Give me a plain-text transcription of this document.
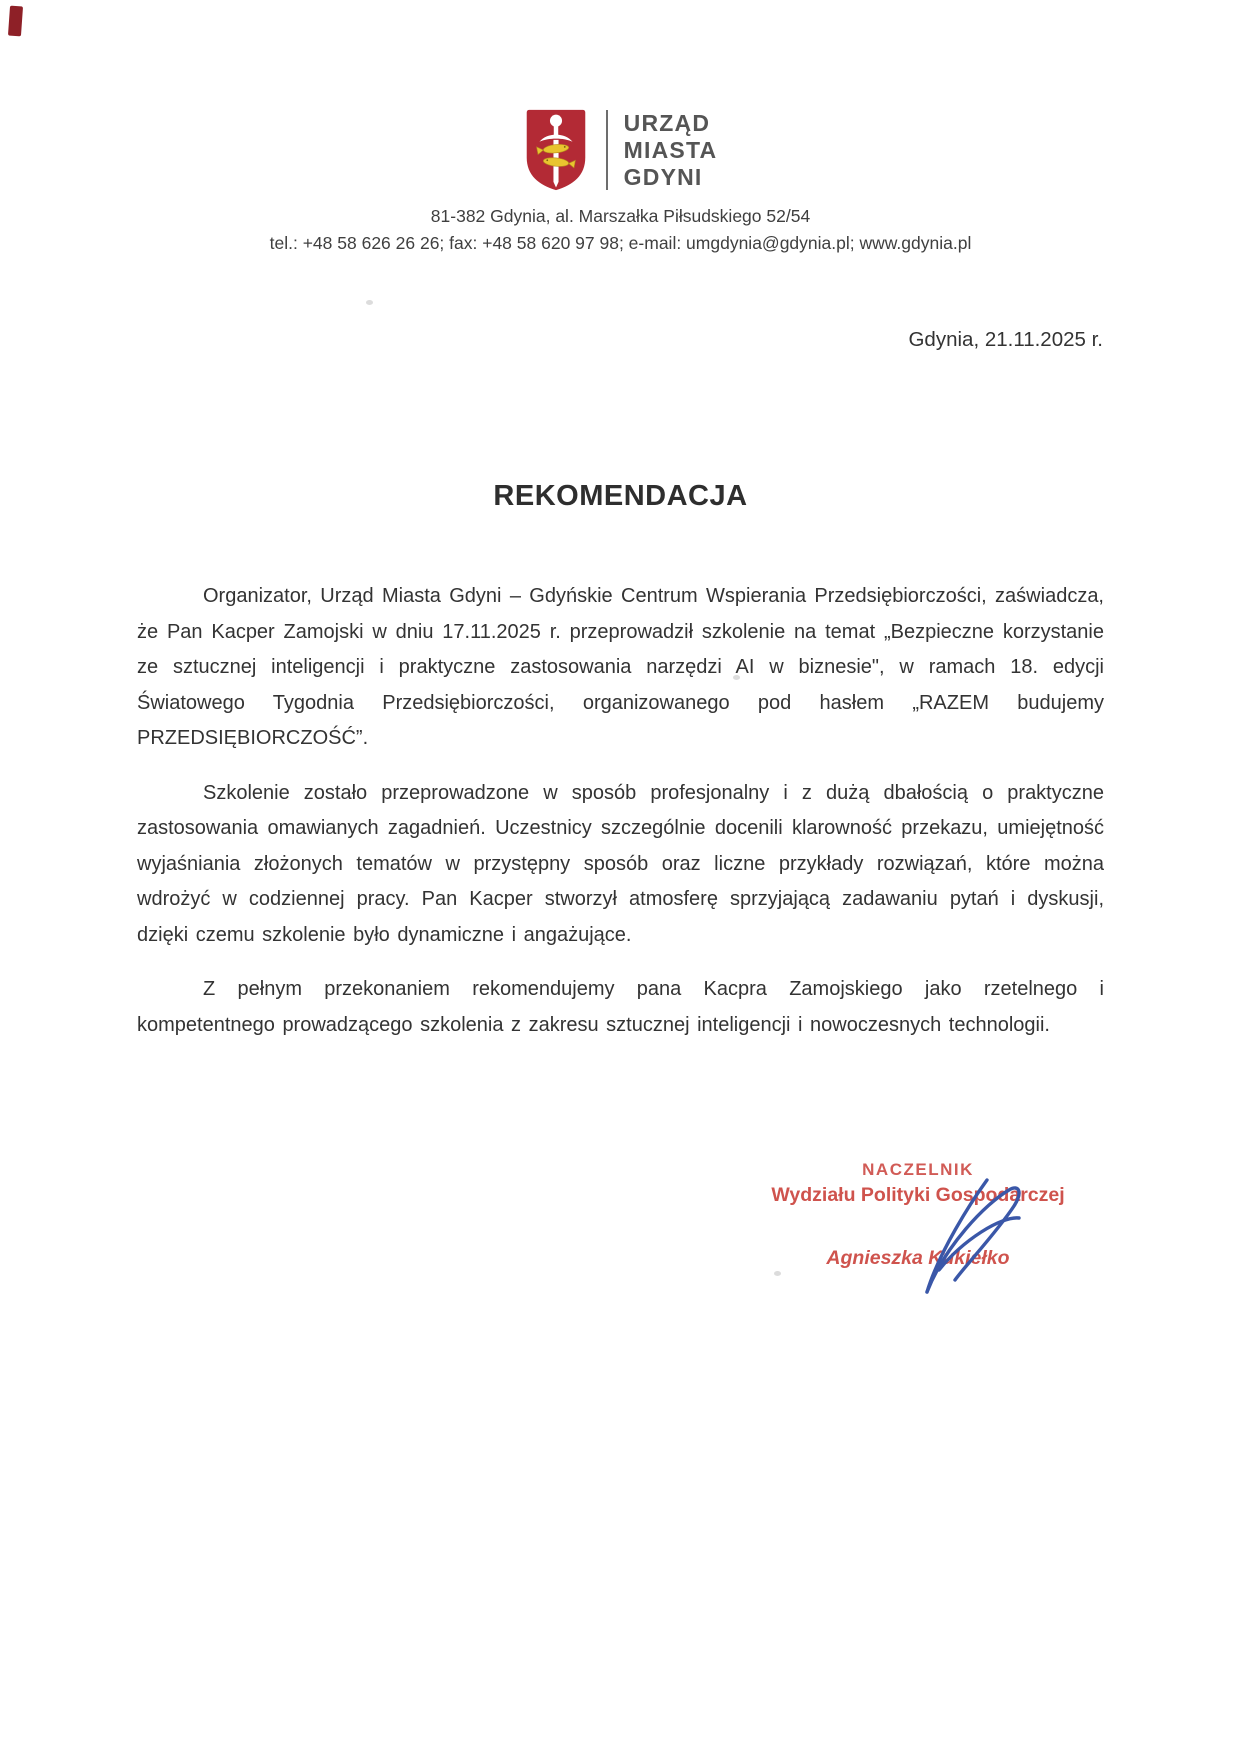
URZĄD
MIASTA
GDYNI

81-382 Gdynia, al. Marszałka Piłsudskiego 52/54

tel.: +48 58 626 26 26; fax: +48 58 620 97 98; e-mail: umgdynia@gdynia.pl; www.gdynia.pl

Gdynia, 21.11.2025 r.

REKOMENDACJA

Organizator, Urząd Miasta Gdyni – Gdyńskie Centrum Wspierania Przedsiębiorczości, zaświadcza, że Pan Kacper Zamojski w dniu 17.11.2025 r. przeprowadził szkolenie na temat „Bezpieczne korzystanie ze sztucznej inteligencji i praktyczne zastosowania narzędzi AI w biznesie", w ramach 18. edycji Światowego Tygodnia Przedsiębiorczości, organizowanego pod hasłem „RAZEM budujemy PRZEDSIĘBIORCZOŚĆ”.

Szkolenie zostało przeprowadzone w sposób profesjonalny i z dużą dbałością o praktyczne zastosowania omawianych zagadnień. Uczestnicy szczególnie docenili klarowność przekazu, umiejętność wyjaśniania złożonych tematów w przystępny sposób oraz liczne przykłady rozwiązań, które można wdrożyć w codziennej pracy. Pan Kacper stworzył atmosferę sprzyjającą zadawaniu pytań i dyskusji, dzięki czemu szkolenie było dynamiczne i angażujące.

Z pełnym przekonaniem rekomendujemy pana Kacpra Zamojskiego jako rzetelnego i kompetentnego prowadzącego szkolenia z zakresu sztucznej inteligencji i nowoczesnych technologii.

NACZELNIK

Wydziału Polityki Gospodarczej

Agnieszka Kukiełko
